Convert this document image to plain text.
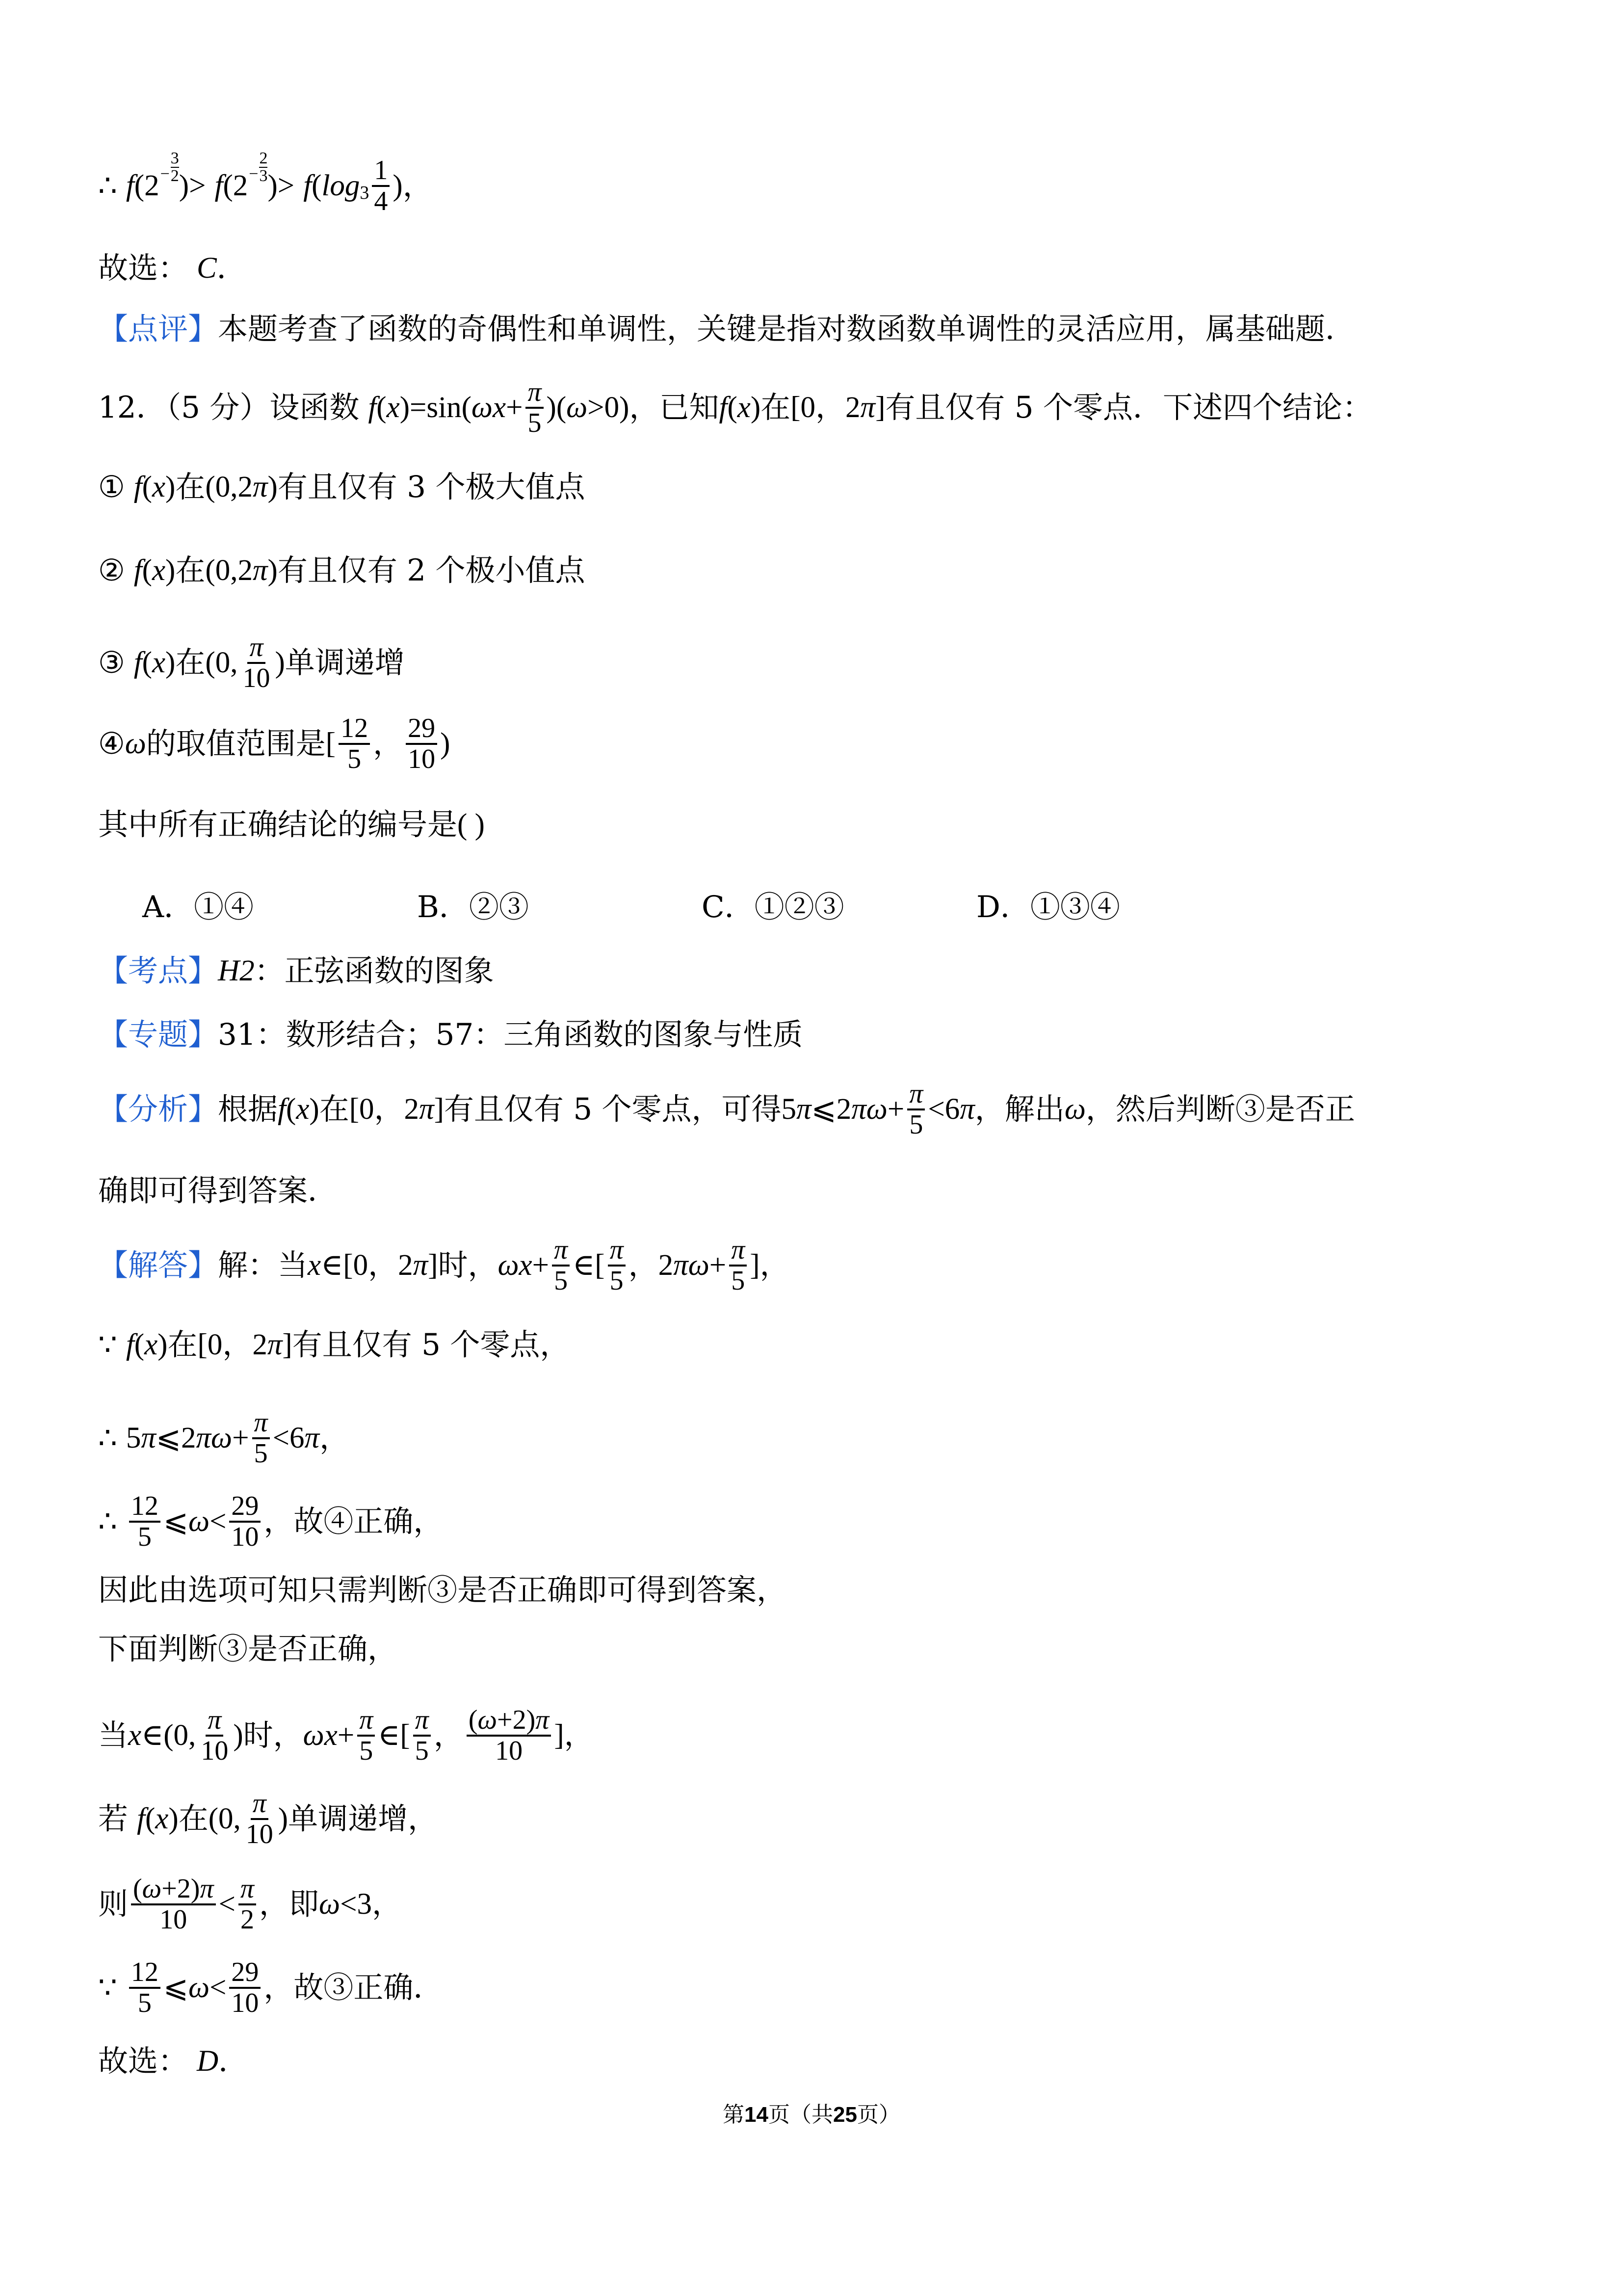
∴ f ($2 - \frac{3}{2}$
)> f ($2 - \frac{2}{3}$
)> f ( $\log 3 \frac{1}{4}$ ) ，
故选： C ．
【点评】 本题考查了函数的奇偶性和单调性，关键是指对数函数单调性的灵活应用，属基础题．
12．（5 分）设函数 f ( x )=sin( $\omega x + \frac{\pi}{5}$ )( ω >0) ，已知 f ( x ) 在 [0，2 π ] 有且仅有 5 个零点．下述四个结论：
① f ( x ) 在 (0,2 π ) 有且仅有 3 个极大值点
② f ( x ) 在 (0,2 π ) 有且仅有 2 个极小值点
③ f ( x ) 在 (0, $\frac{\pi}{10}$ ) 单调递增
④ ω 的取值范围是 [ $\frac{12}{5}$ ， $\frac{29}{10}$ )
其中所有正确结论的编号是 ( )
A．①④	B．②③	C．①②③	D．①③④
【考点】 H2 ：正弦函数的图象
【专题】 31：数形结合；57：三角函数的图象与性质
【分析】 根据 f ( x ) 在 [0，2 π ] 有且仅有 5 个零点，可得 5 π ⩽2 $\pi\omega + \frac{\pi}{5} <6$ π ，解出 ω ，然后判断③是否正
确即可得到答案．
【解答】 解：当 x ∈[0，2 π ] 时， $\omega x + \frac{\pi}{5}$ ∈[ $\frac{\pi}{5}$ ， 2 $\pi\omega + \frac{\pi}{5}$ ]，
∵ f ( x ) 在 [0，2 π ] 有且仅有 5 个零点，
∴ 5 π ⩽2 $\pi\omega + \frac{\pi}{5} <6$ π ，
∴ $\frac{12}{5}$ ⩽ $\omega < \frac{29}{10}$ ，故④正确，
因此由选项可知只需判断③是否正确即可得到答案，
下面判断③是否正确，
当 x ∈(0, $\frac{\pi}{10}$ ) 时， $\omega x + \frac{\pi}{5}$ ∈[ $\frac{\pi}{5}$ ， $\frac{(\omega+2)\pi}{10}$ ]，
若 f ( x ) 在 (0, $\frac{\pi}{10}$ ) 单调递增，
则 $\frac{(\omega+2)\pi}{10} < \frac{\pi}{2}$ ，即 ω <3，
∵ $\frac{12}{5}$ ⩽ $\omega < \frac{29}{10}$ ，故③正确．
故选： D ．
第14页（共25页）
